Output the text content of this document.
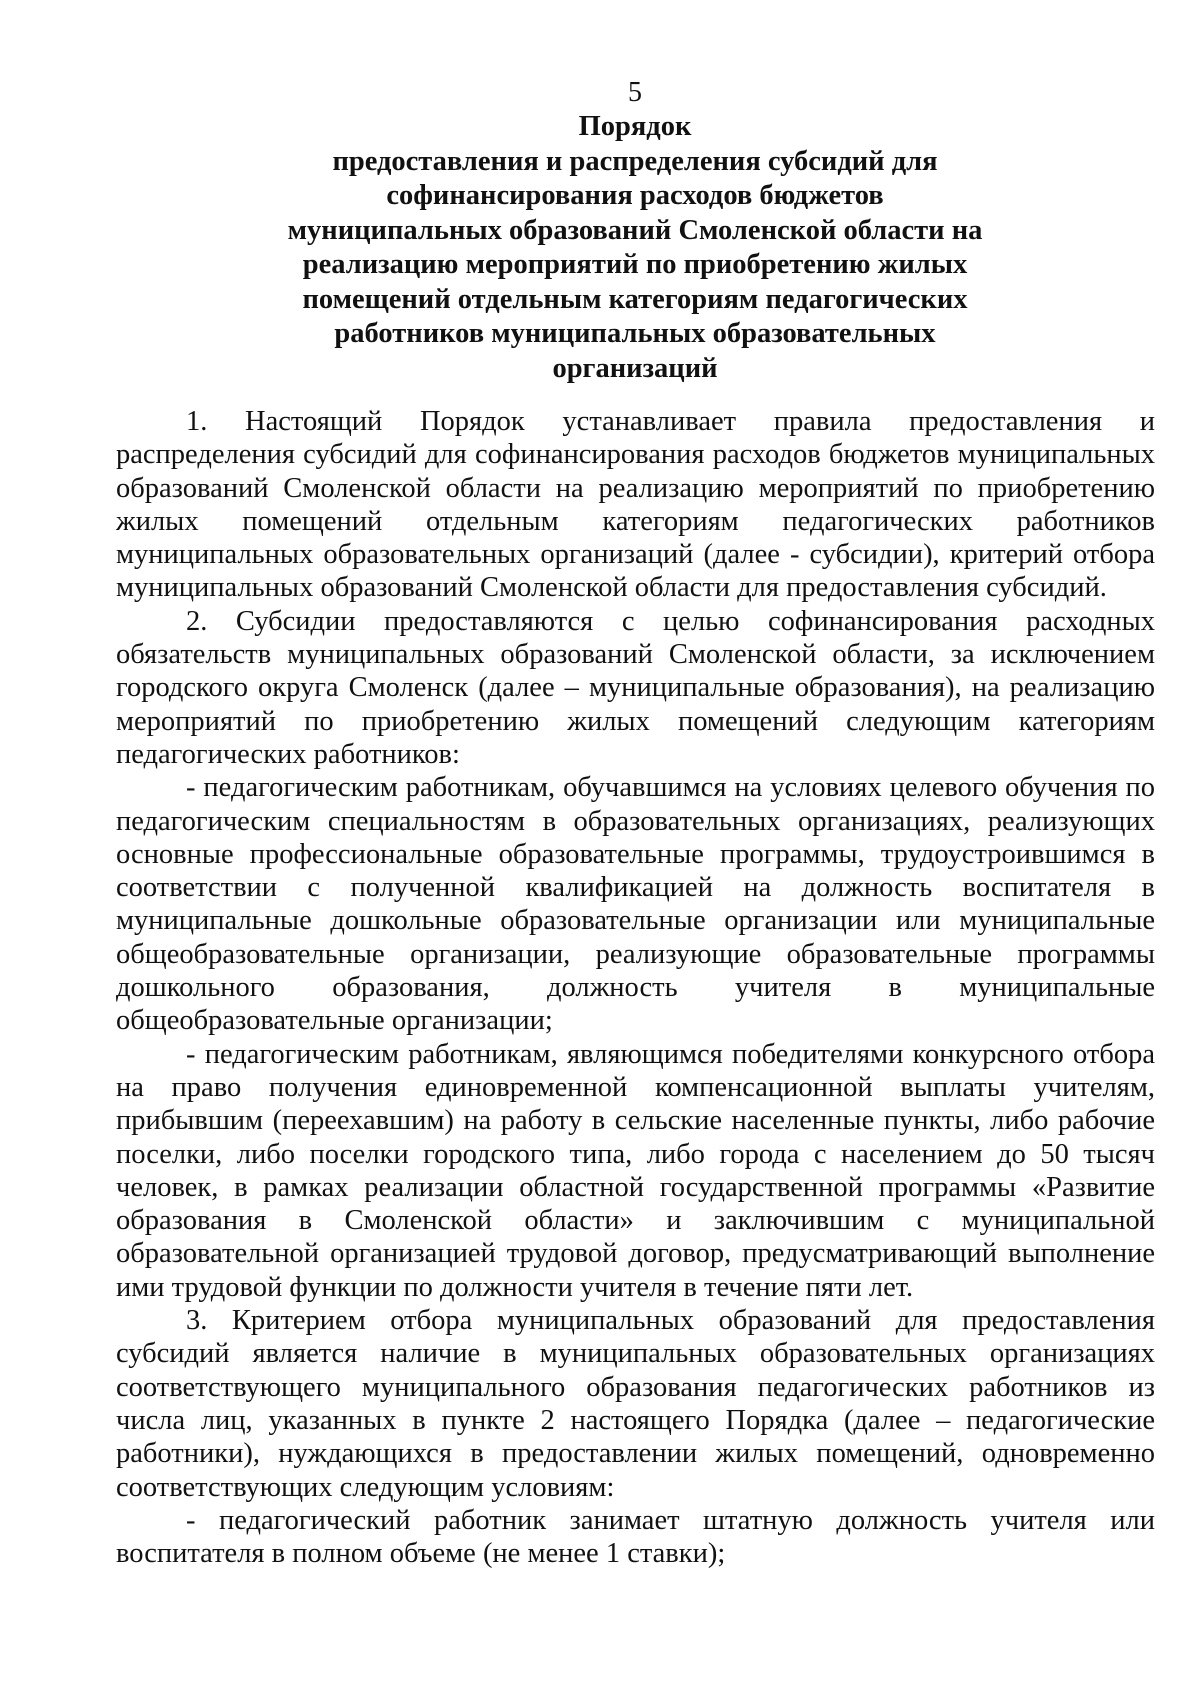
5
Порядок
предоставления и распределения субсидий для
софинансирования расходов бюджетов
муниципальных образований Смоленской области на
реализацию мероприятий по приобретению жилых
помещений отдельным категориям педагогических
работников муниципальных образовательных
организаций

1. Настоящий Порядок устанавливает правила предоставления и распределения субсидий для софинансирования расходов бюджетов муниципальных образований Смоленской области на реализацию мероприятий по приобретению жилых помещений отдельным категориям педагогических работников муниципальных образовательных организаций (далее - субсидии), критерий отбора муниципальных образований Смоленской области для предоставления субсидий.

2. Субсидии предоставляются с целью софинансирования расходных обязательств муниципальных образований Смоленской области, за исключением городского округа Смоленск (далее – муниципальные образования), на реализацию мероприятий по приобретению жилых помещений следующим категориям педагогических работников:

- педагогическим работникам, обучавшимся на условиях целевого обучения по педагогическим специальностям в образовательных организациях, реализующих основные профессиональные образовательные программы, трудоустроившимся в соответствии с полученной квалификацией на должность воспитателя в муниципальные дошкольные образовательные организации или муниципальные общеобразовательные организации, реализующие образовательные программы дошкольного образования, должность учителя в муниципальные общеобразовательные организации;

- педагогическим работникам, являющимся победителями конкурсного отбора на право получения единовременной компенсационной выплаты учителям, прибывшим (переехавшим) на работу в сельские населенные пункты, либо рабочие поселки, либо поселки городского типа, либо города с населением до 50 тысяч человек, в рамках реализации областной государственной программы «Развитие образования в Смоленской области» и заключившим с муниципальной образовательной организацией трудовой договор, предусматривающий выполнение ими трудовой функции по должности учителя в течение пяти лет.

3. Критерием отбора муниципальных образований для предоставления субсидий является наличие в муниципальных образовательных организациях соответствующего муниципального образования педагогических работников из числа лиц, указанных в пункте 2 настоящего Порядка (далее – педагогические работники), нуждающихся в предоставлении жилых помещений, одновременно соответствующих следующим условиям:

- педагогический работник занимает штатную должность учителя или воспитателя в полном объеме (не менее 1 ставки);
